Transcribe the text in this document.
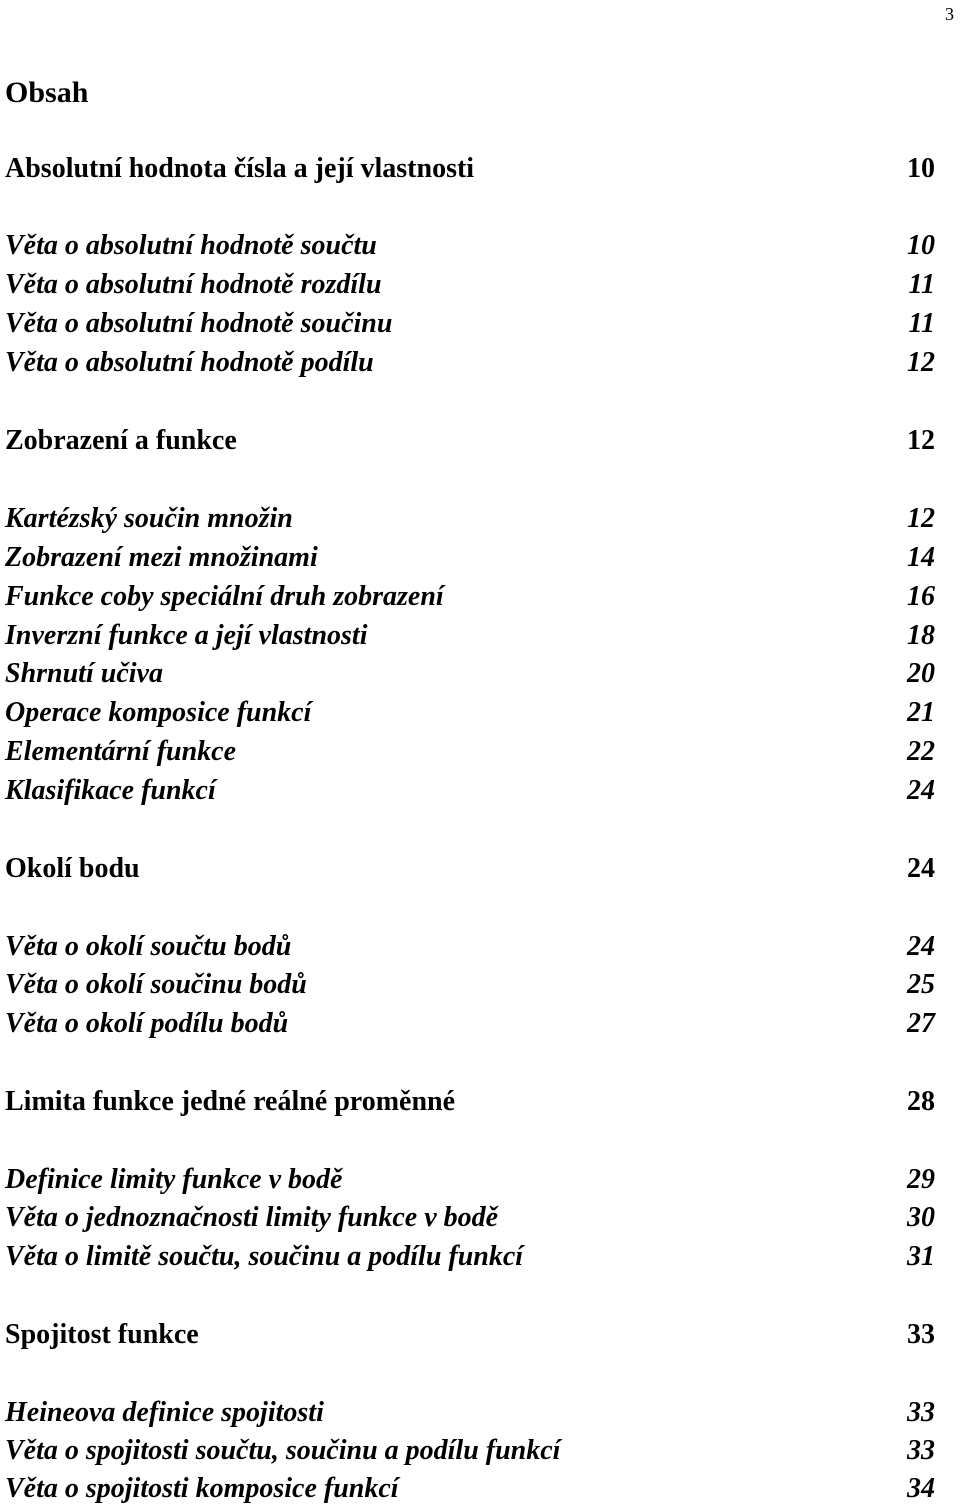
3
Obsah
Absolutní hodnota čísla a její vlastnosti	10
Věta o absolutní hodnotě součtu	10
Věta o absolutní hodnotě rozdílu	11
Věta o absolutní hodnotě součinu	11
Věta o absolutní hodnotě podílu	12
Zobrazení a funkce	12
Kartézský součin množin	12
Zobrazení mezi množinami	14
Funkce coby speciální druh zobrazení	16
Inverzní funkce a její vlastnosti	18
Shrnutí učiva	20
Operace komposice funkcí	21
Elementární funkce	22
Klasifikace funkcí	24
Okolí bodu	24
Věta o okolí součtu bodů	24
Věta o okolí součinu bodů	25
Věta o okolí podílu bodů	27
Limita funkce jedné reálné proměnné	28
Definice limity funkce v bodě	29
Věta o jednoznačnosti limity funkce v bodě	30
Věta o limitě součtu, součinu a podílu funkcí	31
Spojitost funkce	33
Heineova definice spojitosti	33
Věta o spojitosti součtu, součinu a podílu funkcí	33
Věta o spojitosti komposice funkcí	34
